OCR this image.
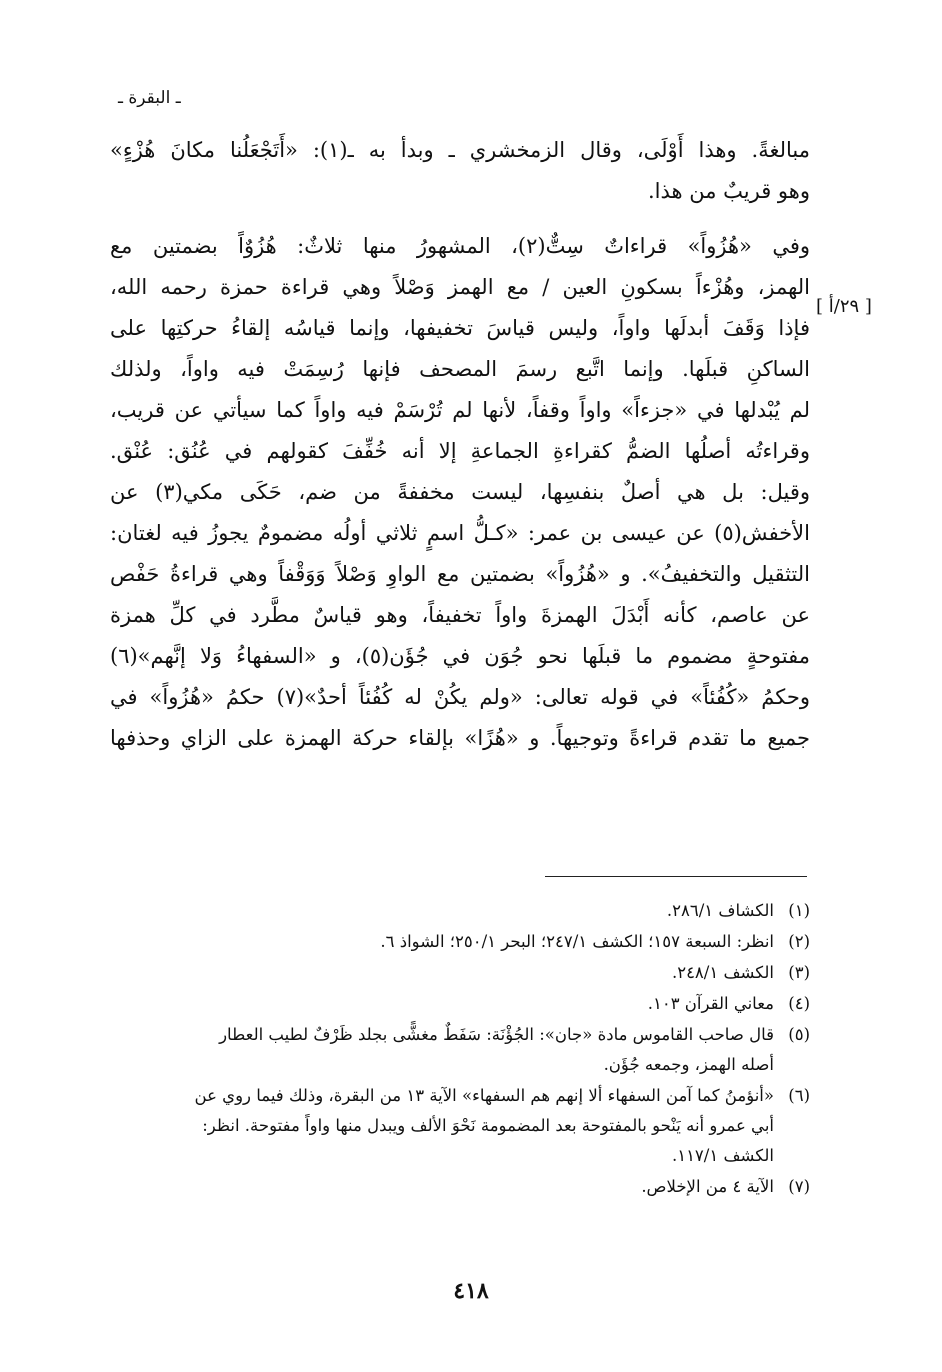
ـ البقرة ـ
[ ٢٩/أ ]
مبالغةً. وهذا أَوْلَى، وقال الزمخشري ـ وبدأ به ـ(١): «أَتَجْعَلُنا مكانَ هُزْءٍ»
وهو قريبٌ من هذا.
وفي «هُزُواً» قراءاتٌ سِتٌّ(٢)، المشهورُ منها ثلاثٌ: هُزُوٌاً بضمتين مع
الهمز، وهُزْءاً بسكونِ العين / مع الهمز وَصْلاً وهي قراءة حمزة رحمه الله،
فإذا وَقَفَ أبدلَها واواً، وليس قياسَ تخفيفها، وإنما قياسُه إلقاءُ حركتِها على
الساكنِ قبلَها. وإنما اتَّبع رسمَ المصحف فإنها رُسِمَتْ فيه واواً، ولذلك
لم يُبْدلها في «جزءاً» واواً وقفاً، لأنها لم تُرْسَمْ فيه واواً كما سيأتي عن قريب،
وقراءتُه أصلُها الضمُّ كقراءةِ الجماعةِ إلا أنه خُفِّفَ كقولهم في عُنُق: عُنْق.
وقيل: بل هي أصلٌ بنفسِها، ليست مخففةً من ضم، حَكَى مكي(٣) عن
الأخفش(٥) عن عيسى بن عمر: «كـلُّ اسمٍ ثلاثي أولُه مضمومٌ يجوزُ فيه لغتان:
التثقيل والتخفيفُ». و «هُزُواً» بضمتين مع الواوِ وَصْلاً وَوَقْفاً وهي قراءةُ حَفْص
عن عاصم، كأنه أَبْدَلَ الهمزةَ واواً تخفيفاً، وهو قياسٌ مطَّرد في كلِّ همزة
مفتوحةٍ مضموم ما قبلَها نحو جُوَن في جُؤَن(٥)، و «السفهاءُ وَلا إنَّهم»(٦)
وحكمُ «كُفُئاً» في قوله تعالى: «ولم يكُنْ له كُفُئاً أحدٌ»(٧) حكمُ «هُزُواً» في
جميع ما تقدم قراءةً وتوجيهاً. و «هُزًا» بإلقاء حركة الهمزة على الزاي وحذفها
(١)
الكشاف ٢٨٦/١.
(٢)
انظر: السبعة ١٥٧؛ الكشف ٢٤٧/١؛ البحر ٢٥٠/١؛ الشواذ ٦.
(٣)
الكشف ٢٤٨/١.
(٤)
معاني القرآن ١٠٣.
(٥)
قال صاحب القاموس مادة «جان»: الجُؤْنَة: سَفَطٌ مغشًّى بجلد ظَرْفٌ لطيب العطار
أصله الهمز، وجمعه جُؤَن.
(٦)
«أنؤمنُ كما آمن السفهاء ألا إنهم هم السفهاء» الآية ١٣ من البقرة، وذلك فيما روي عن
أبي عمرو أنه يَنْحو بالمفتوحة بعد المضمومة نَحْوَ الألف ويبدل منها واواً مفتوحة. انظر:
الكشف ١١٧/١.
(٧)
الآية ٤ من الإخلاص.
٤١٨
